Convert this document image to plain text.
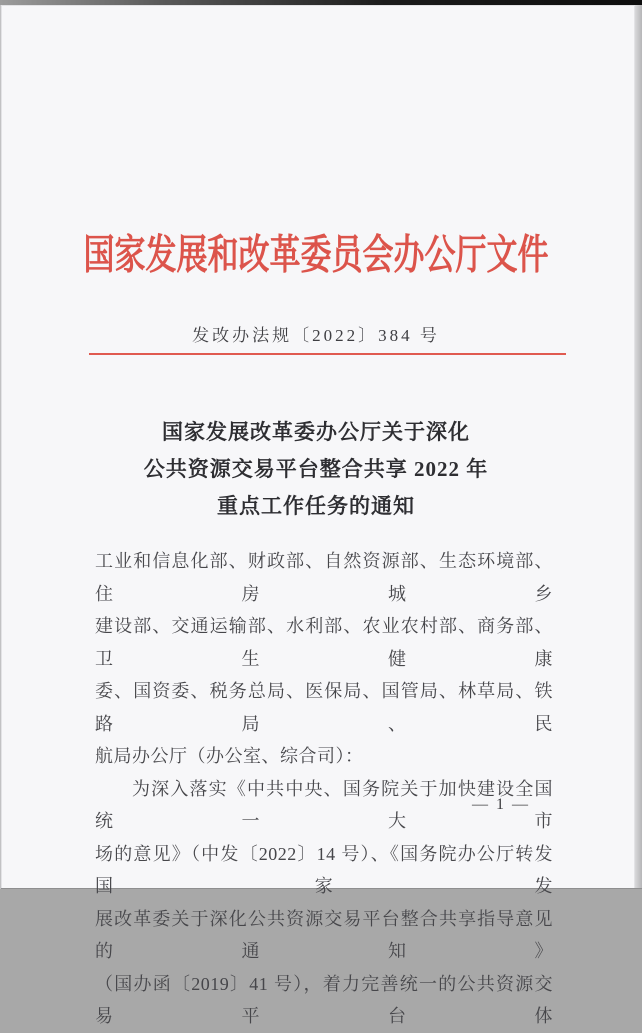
国家发展和改革委员会办公厅文件
发改办法规〔2022〕384 号
国家发展改革委办公厅关于深化
公共资源交易平台整合共享 2022 年
重点工作任务的通知
工业和信息化部、财政部、自然资源部、生态环境部、住房城乡
建设部、交通运输部、水利部、农业农村部、商务部、卫生健康
委、国资委、税务总局、医保局、国管局、林草局、铁路局、民
航局办公厅（办公室、综合司）：
为深入落实《中共中央、国务院关于加快建设全国统一大市
场的意见》（中发〔2022〕14 号）、《国务院办公厅转发国家发
展改革委关于深化公共资源交易平台整合共享指导意见的通知》
（国办函〔2019〕41 号），着力完善统一的公共资源交易平台体
— 1 —
